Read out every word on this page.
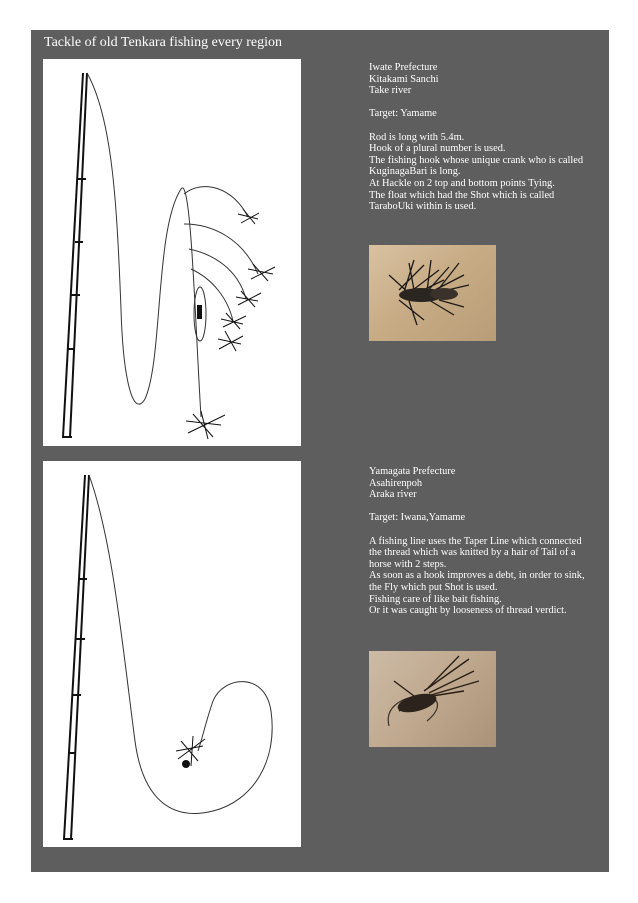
Tackle of old Tenkara fishing every region
Iwate Prefecture
Kitakami Sanchi
Take river
Target: Yamame
Rod is long with 5.4m.
Hook of a plural number is used.
The fishing hook whose unique crank who is called
KuginagaBari is long.
At Hackle on 2 top and bottom points Tying.
The float which had the Shot which is called
TaraboUki within is used.
Yamagata Prefecture
Asahirenpoh
Araka river
Target: Iwana,Yamame
A fishing line uses the Taper Line which connected
the thread which was knitted by a hair of Tail of a
horse with 2 steps.
As soon as a hook improves a debt, in order to sink,
the Fly which put Shot is used.
Fishing care of like bait fishing.
Or it was caught by looseness of thread verdict.
